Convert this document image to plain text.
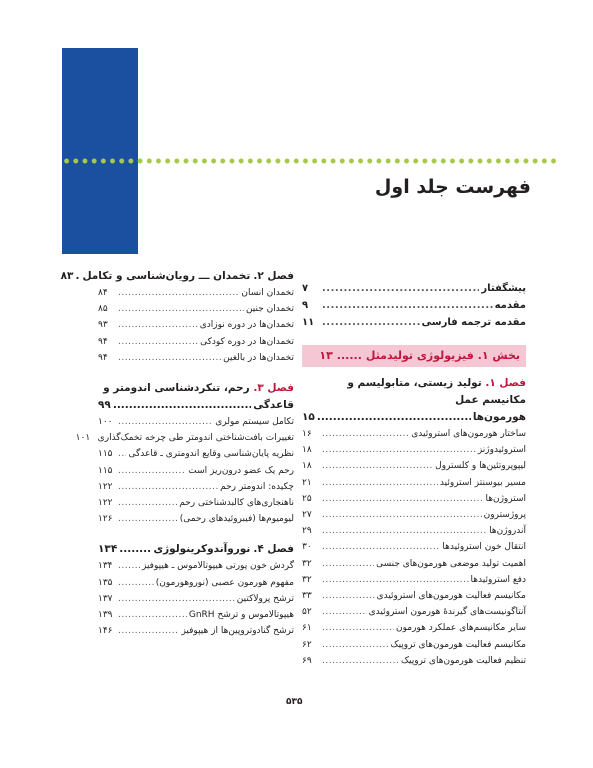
فهرست جلد اول
پیشگفتار
.....
۷
مقدمه
.....
۹
مقدمه ترجمه فارسی
.....
۱۱
بخش ۱. فیزیولوژی تولیدمثل
......
۱۳
فصل ۱. تولید زیستی، متابولیسم و مکانیسم عمل
هورمون‌ها
.....
۱۵
ساختار هورمون‌های استروئیدی
.....
۱۶
استروئیدوژنز
.....
۱۸
لیپوپروتئین‌ها و کلسترول
.....
۱۸
مسیر بیوسنتز استروئید
.....
۲۱
استروژن‌ها
.....
۲۵
پروژسترون
.....
۲۷
آندروژن‌ها
.....
۲۹
انتقال خون استروئیدها
.....
۳۰
اهمیت تولید موضعی هورمون‌های جنسی
.....
۳۲
دفع استروئیدها
.....
۳۲
مکانیسم فعالیت هورمون‌های استروئیدی
.....
۳۳
آنتاگونیست‌های گیرندهٔ هورمون استروئیدی
.....
۵۲
سایر مکانیسم‌های عملکرد هورمون
.....
۶۱
مکانیسم فعالیت هورمون‌های تروپیک
.....
۶۲
تنظیم فعالیت هورمون‌های تروپیک
.....
۶۹
فصل ۲.
تخمدان ـــ رویان‌شناسی و تکامل
.
۸۳
تخمدان انسان
.....
۸۴
تخمدان جنین
.....
۸۵
تخمدان‌ها در دوره نوزادی
.....
۹۳
تخمدان‌ها در دوره کودکی
.....
۹۴
تخمدان‌ها در بالغین
.....
۹۴
فصل ۳. رحم، تنکردشناسی اندومتر و
قاعدگی
.....
۹۹
تکامل سیستم مولری
.....
۱۰۰
تغییرات بافت‌شناختی اندومتر طی چرخه تخمک‌گذاری
۱۰۱
نظریه پایان‌شناسی وقایع اندومتری ـ قاعدگی
.....
۱۱۵
رحم یک عضو درون‌ریز است
.....
۱۱۵
چکیده: اندومتر رحم
.....
۱۲۲
ناهنجاری‌های کالبدشناختی رحم
.....
۱۲۲
لیومیوم‌ها (فیبروئیدهای رحمی)
.....
۱۲۶
فصل ۴.
نوروآندوکرینولوژی
.....
۱۳۴
گردش خون پورتی هیپوتالاموس ـ هیپوفیز
.....
۱۳۴
مفهوم هورمون عصبی (نوروهورمون)
.....
۱۳۵
ترشح پرولاکتین
.....
۱۳۷
هیپوتالاموس و ترشح GnRH
.....
۱۳۹
ترشح گنادوتروپین‌ها از هیپوفیز
.....
۱۴۶
۵۳۵
